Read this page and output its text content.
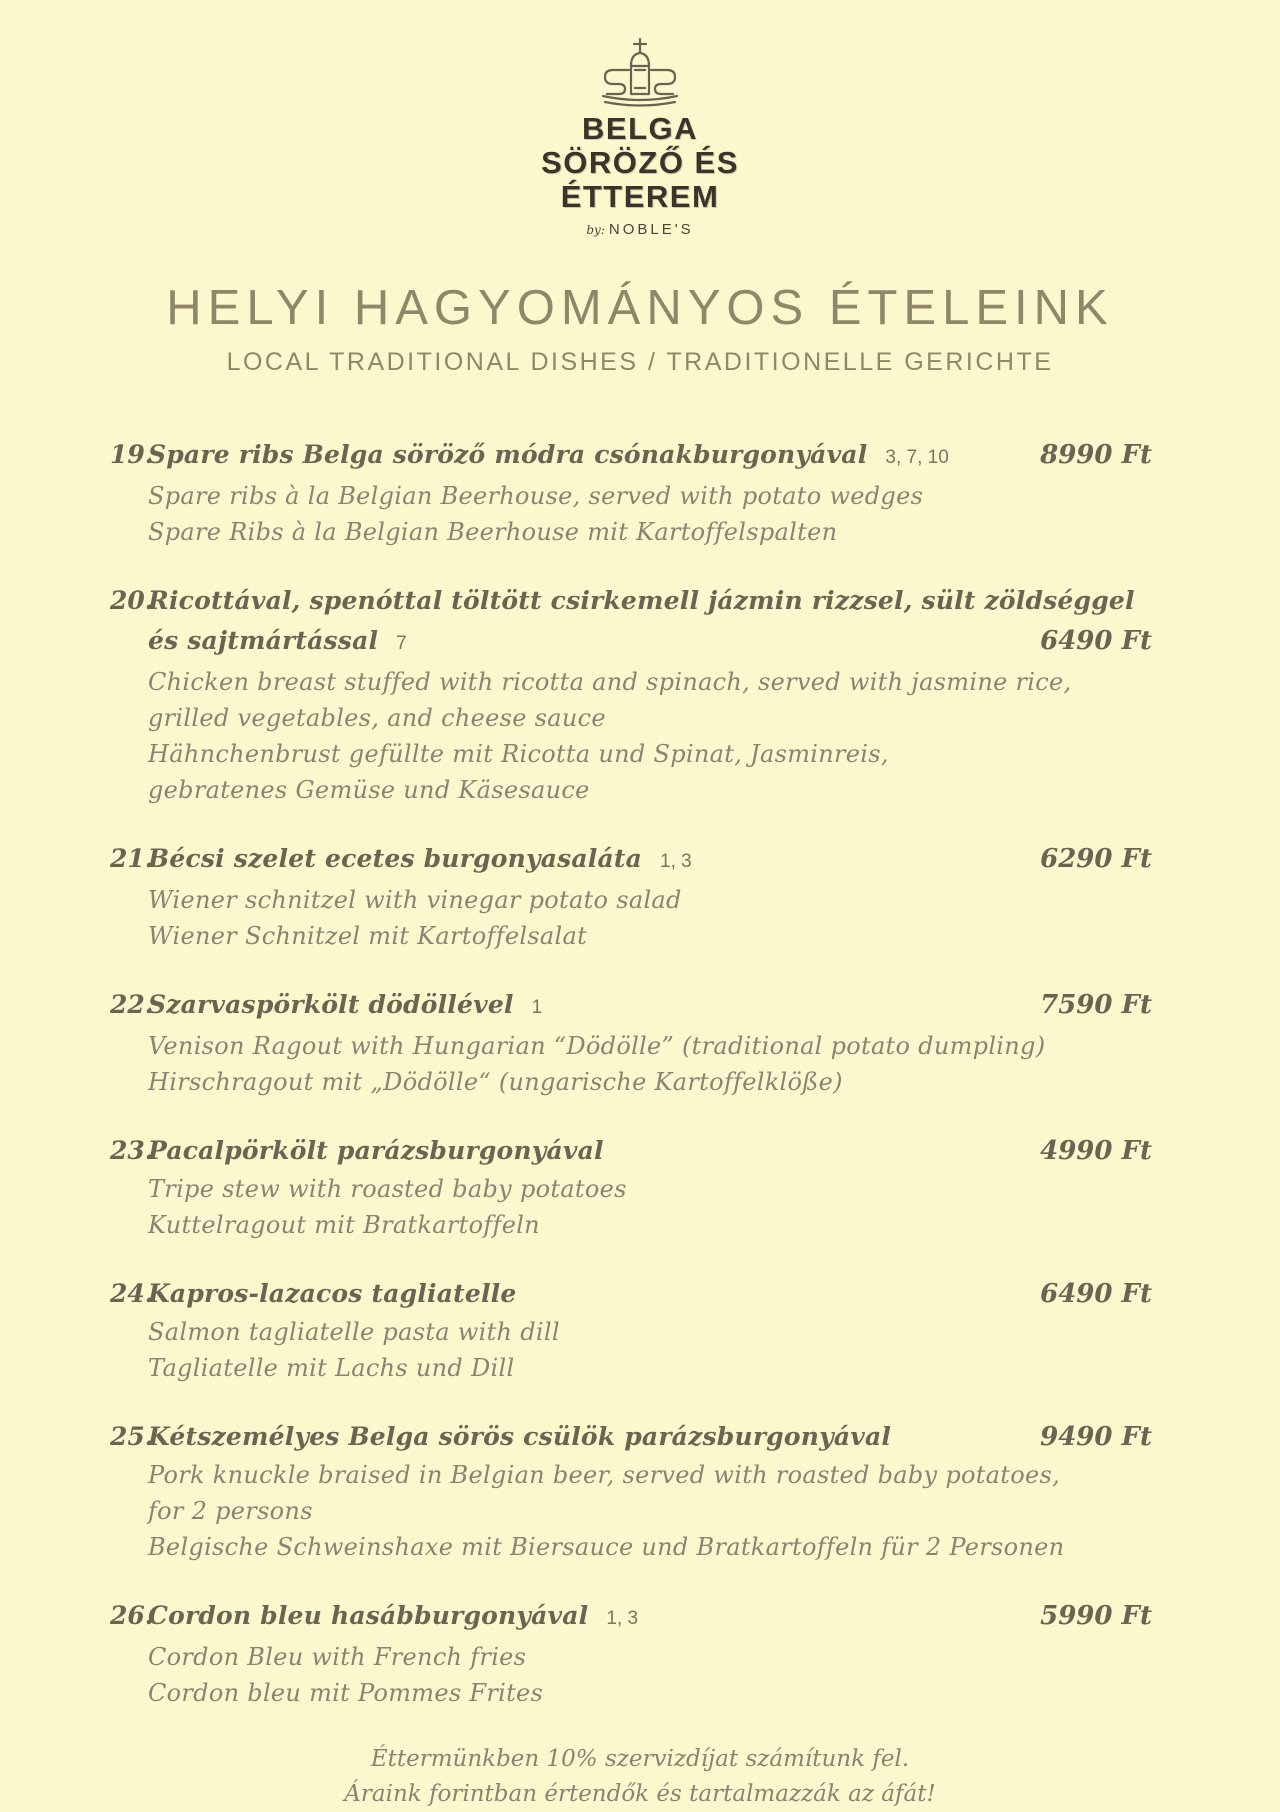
BELGA
SÖRÖZŐ ÉS
ÉTTEREM
by: NOBLE'S
HELYI HAGYOMÁNYOS ÉTELEINK
LOCAL TRADITIONAL DISHES / TRADITIONELLE GERICHTE
19.
Spare ribs Belga söröző módra csónakburgonyával 3, 7, 10	8990 Ft
Spare ribs à la Belgian Beerhouse, served with potato wedges
Spare Ribs à la Belgian Beerhouse mit Kartoffelspalten
20.
Ricottával, spenóttal töltött csirkemell jázmin rizzsel, sült zöldséggel
és sajtmártással 7	6490 Ft
Chicken breast stuffed with ricotta and spinach, served with jasmine rice,
grilled vegetables, and cheese sauce
Hähnchenbrust gefüllte mit Ricotta und Spinat, Jasminreis,
gebratenes Gemüse und Käsesauce
21.
Bécsi szelet ecetes burgonyasaláta 1, 3	6290 Ft
Wiener schnitzel with vinegar potato salad
Wiener Schnitzel mit Kartoffelsalat
22.
Szarvaspörkölt dödöllével 1	7590 Ft
Venison Ragout with Hungarian “Dödölle” (traditional potato dumpling)
Hirschragout mit „Dödölle“ (ungarische Kartoffelklöße)
23.
Pacalpörkölt parázsburgonyával	4990 Ft
Tripe stew with roasted baby potatoes
Kuttelragout mit Bratkartoffeln
24.
Kapros-lazacos tagliatelle	6490 Ft
Salmon tagliatelle pasta with dill
Tagliatelle mit Lachs und Dill
25.
Kétszemélyes Belga sörös csülök parázsburgonyával	9490 Ft
Pork knuckle braised in Belgian beer, served with roasted baby potatoes,
for 2 persons
Belgische Schweinshaxe mit Biersauce und Bratkartoffeln für 2 Personen
26.
Cordon bleu hasábburgonyával 1, 3	5990 Ft
Cordon Bleu with French fries
Cordon bleu mit Pommes Frites
Éttermünkben 10% szervizdíjat számítunk fel.
Áraink forintban értendők és tartalmazzák az áfát!
